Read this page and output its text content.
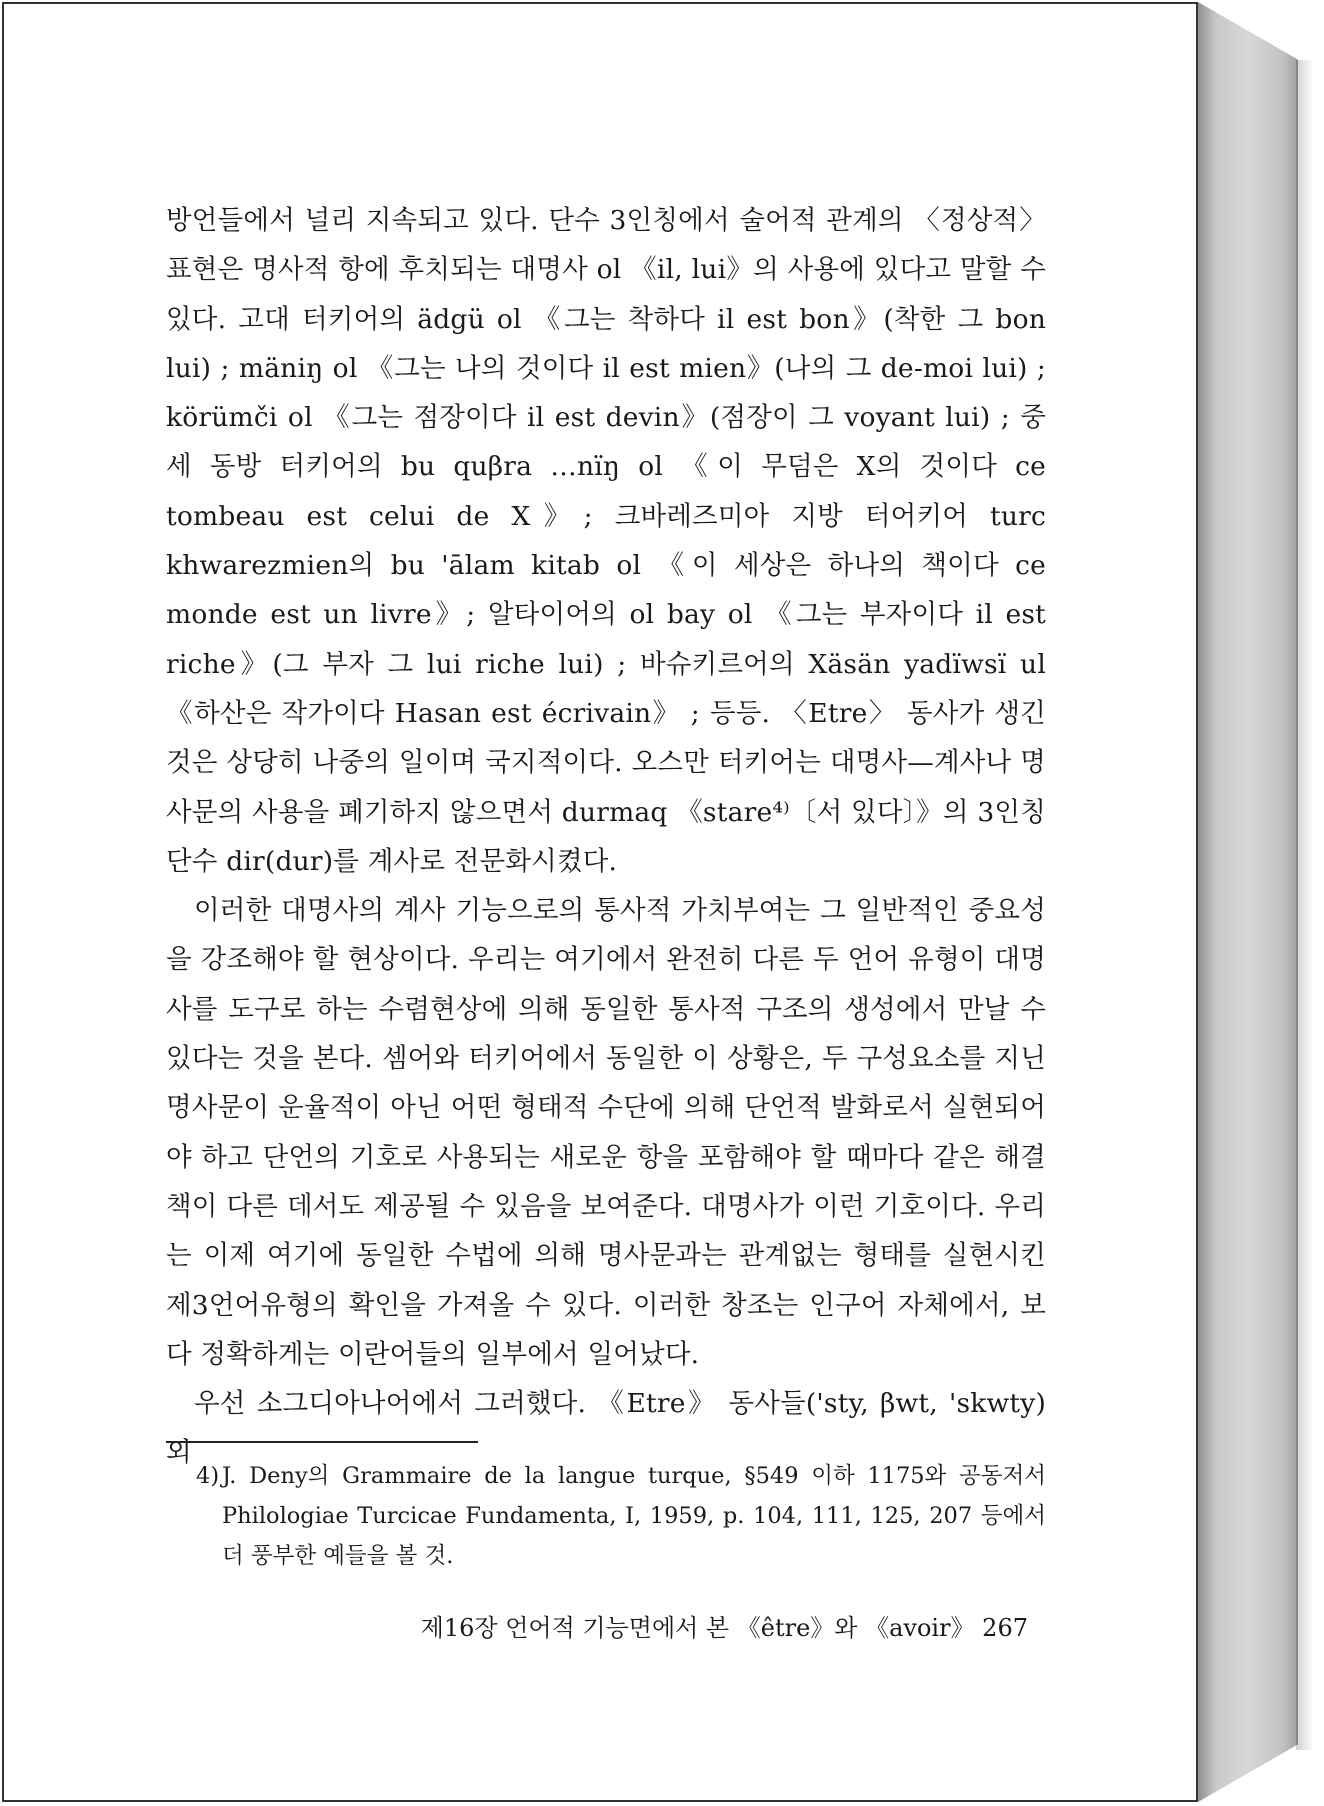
방언들에서 널리 지속되고 있다. 단수 3인칭에서 술어적 관계의 〈정상적〉 표현은 명사적 항에 후치되는 대명사 ol 《il, lui》의 사용에 있다고 말할 수 있다. 고대 터키어의 ädgü ol 《그는 착하다 il est bon》(착한 그 bon lui) ; mäniŋ ol 《그는 나의 것이다 il est mien》(나의 그 de-moi lui) ; körümči ol 《그는 점장이다 il est devin》(점장이 그 voyant lui) ; 중세 동방 터키어의 bu quβra …nïŋ ol 《이 무덤은 X의 것이다 ce tombeau est celui de X》; 크바레즈미아 지방 터어키어 turc khwarezmien의 bu 'ālam kitab ol 《이 세상은 하나의 책이다 ce monde est un livre》; 알타이어의 ol bay ol 《그는 부자이다 il est riche》(그 부자 그 lui riche lui) ; 바슈키르어의 Xäsän yadïwsï ul 《하산은 작가이다 Hasan est écrivain》 ; 등등. 〈Etre〉 동사가 생긴 것은 상당히 나중의 일이며 국지적이다. 오스만 터키어는 대명사—계사나 명사문의 사용을 폐기하지 않으면서 durmaq 《stare⁴⁾〔서 있다〕》의 3인칭 단수 dir(dur)를 계사로 전문화시켰다.

이러한 대명사의 계사 기능으로의 통사적 가치부여는 그 일반적인 중요성을 강조해야 할 현상이다. 우리는 여기에서 완전히 다른 두 언어 유형이 대명사를 도구로 하는 수렴현상에 의해 동일한 통사적 구조의 생성에서 만날 수 있다는 것을 본다. 셈어와 터키어에서 동일한 이 상황은, 두 구성요소를 지닌 명사문이 운율적이 아닌 어떤 형태적 수단에 의해 단언적 발화로서 실현되어야 하고 단언의 기호로 사용되는 새로운 항을 포함해야 할 때마다 같은 해결책이 다른 데서도 제공될 수 있음을 보여준다. 대명사가 이런 기호이다. 우리는 이제 여기에 동일한 수법에 의해 명사문과는 관계없는 형태를 실현시킨 제3언어유형의 확인을 가져올 수 있다. 이러한 창조는 인구어 자체에서, 보다 정확하게는 이란어들의 일부에서 일어났다.

우선 소그디아나어에서 그러했다. 《Etre》 동사들('sty, βwt, 'skwty) 외

4) J. Deny의 Grammaire de la langue turque, §549 이하 1175와 공동저서 Philologiae Turcicae Fundamenta, I, 1959, p. 104, 111, 125, 207 등에서 더 풍부한 예들을 볼 것.
제16장 언어적 기능면에서 본 《être》와 《avoir》 267
